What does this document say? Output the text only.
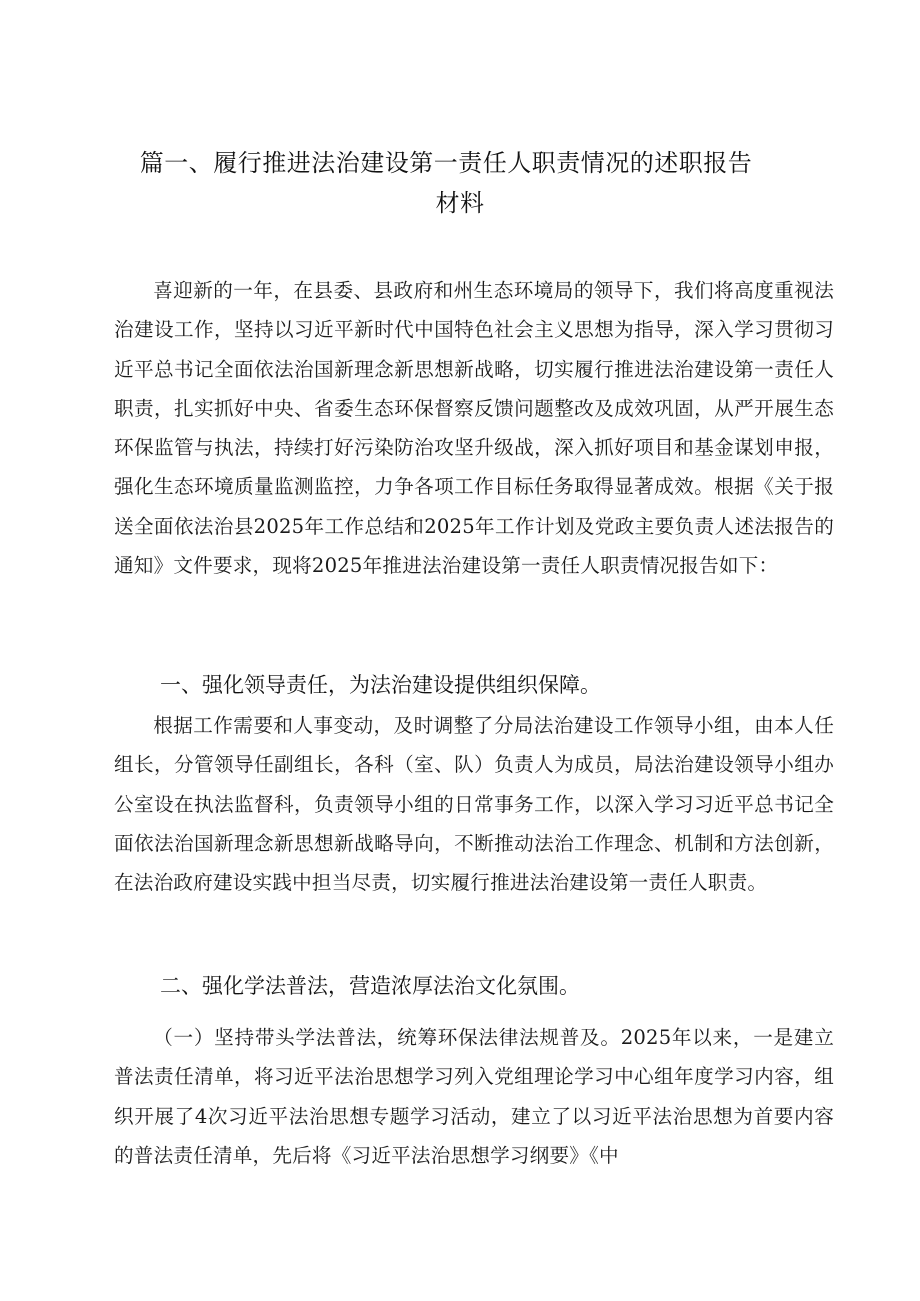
篇一、履行推进法治建设第一责任人职责情况的述职报告
材料

喜迎新的一年，在县委、县政府和州生态环境局的领导下，我们将高度重视法治建设工作，坚持以习近平新时代中国特色社会主义思想为指导，深入学习贯彻习近平总书记全面依法治国新理念新思想新战略，切实履行推进法治建设第一责任人职责，扎实抓好中央、省委生态环保督察反馈问题整改及成效巩固，从严开展生态环保监管与执法，持续打好污染防治攻坚升级战，深入抓好项目和基金谋划申报，强化生态环境质量监测监控，力争各项工作目标任务取得显著成效。根据《关于报送全面依法治县2025年工作总结和2025年工作计划及党政主要负责人述法报告的通知》文件要求，现将2025年推进法治建设第一责任人职责情况报告如下：

一、强化领导责任，为法治建设提供组织保障。

根据工作需要和人事变动，及时调整了分局法治建设工作领导小组，由本人任组长，分管领导任副组长，各科（室、队）负责人为成员，局法治建设领导小组办公室设在执法监督科，负责领导小组的日常事务工作，以深入学习习近平总书记全面依法治国新理念新思想新战略导向，不断推动法治工作理念、机制和方法创新，在法治政府建设实践中担当尽责，切实履行推进法治建设第一责任人职责。

二、强化学法普法，营造浓厚法治文化氛围。

（一）坚持带头学法普法，统筹环保法律法规普及。2025年以来，一是建立普法责任清单，将习近平法治思想学习列入党组理论学习中心组年度学习内容，组织开展了4次习近平法治思想专题学习活动，建立了以习近平法治思想为首要内容的普法责任清单，先后将《习近平法治思想学习纲要》《中
